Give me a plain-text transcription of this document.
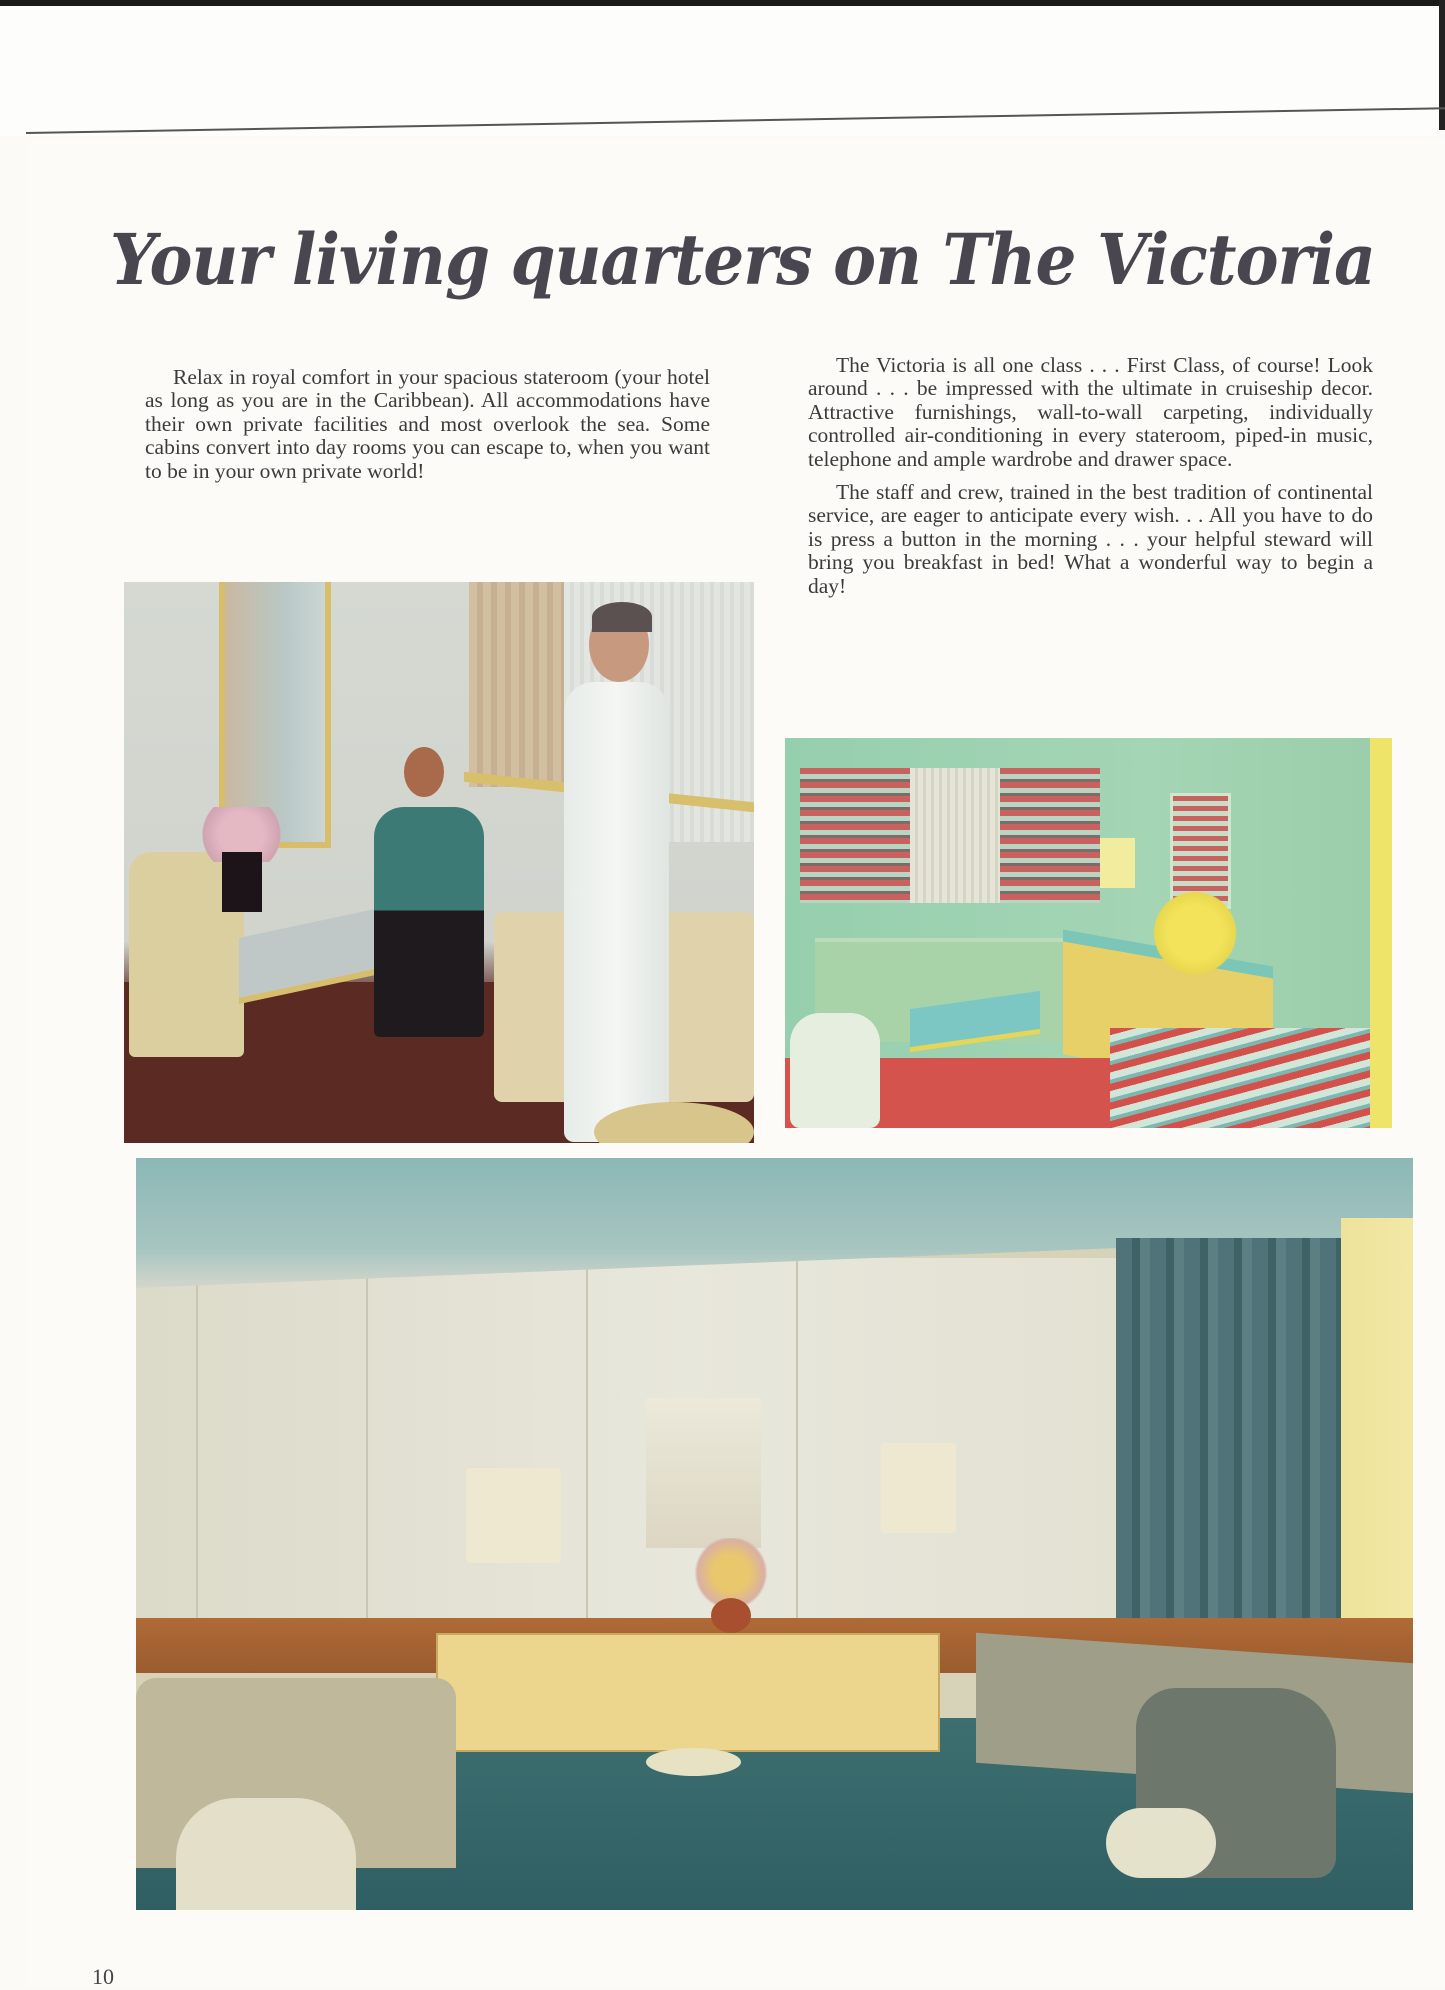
Your living quarters on The Victoria

Relax in royal comfort in your spacious stateroom (your hotel as long as you are in the Caribbean). All accommodations have their own private facilities and most overlook the sea. Some cabins convert into day rooms you can escape to, when you want to be in your own private world!

The Victoria is all one class . . . First Class, of course! Look around . . . be impressed with the ultimate in cruiseship decor. Attractive furnishings, wall-to-wall carpeting, individually controlled air-conditioning in every stateroom, piped-in music, telephone and ample wardrobe and drawer space.

The staff and crew, trained in the best tradition of continental service, are eager to anticipate every wish. . . All you have to do is press a button in the morning . . . your helpful steward will bring you breakfast in bed! What a wonderful way to begin a day!

10
